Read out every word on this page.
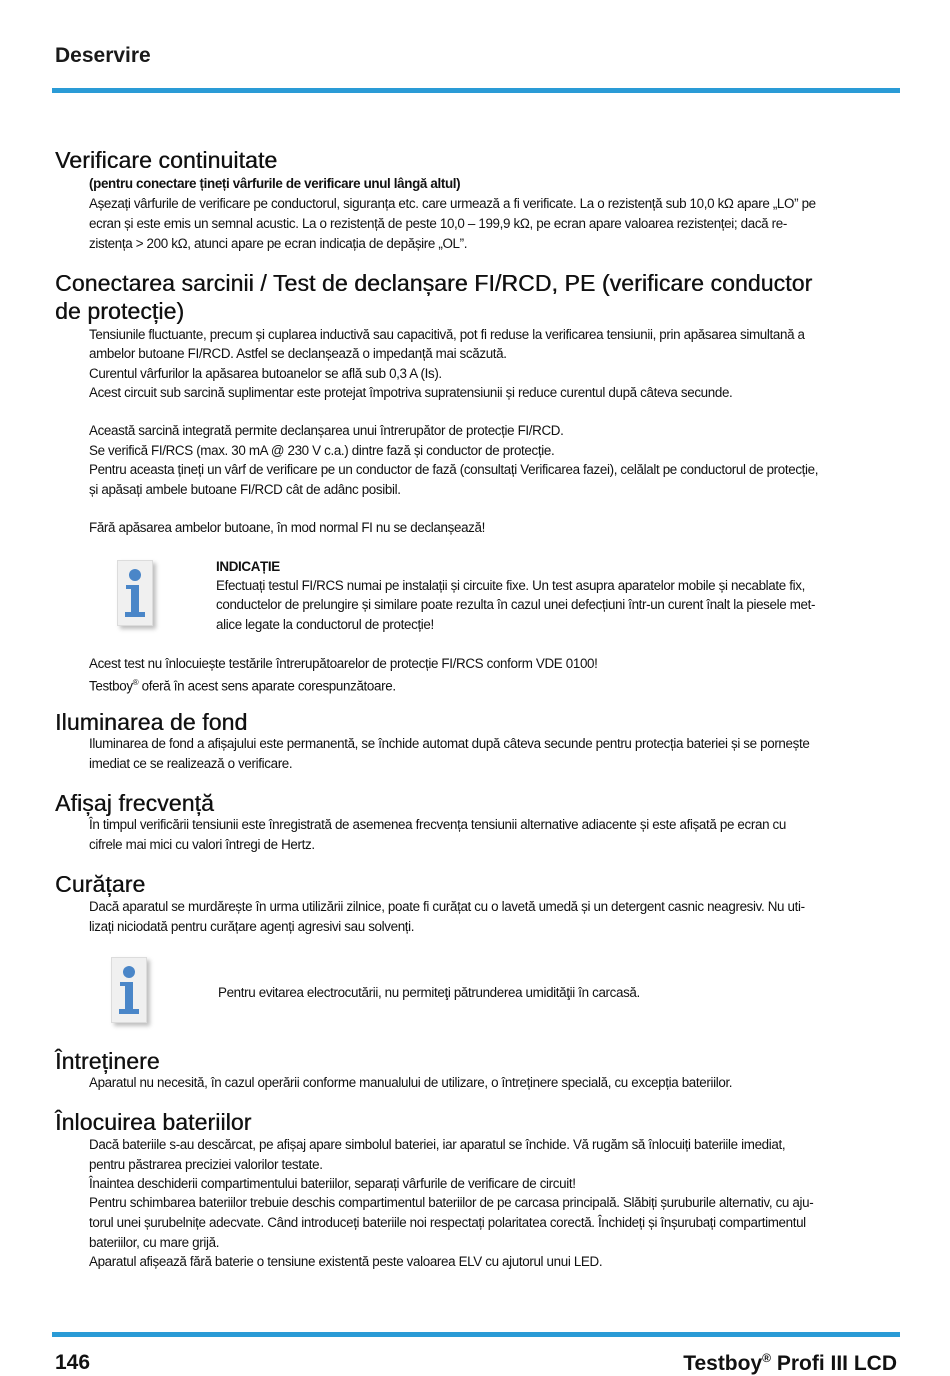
Deservire
Verificare continuitate

(pentru conectare țineți vârfurile de verificare unul lângă altul)

Așezați vârfurile de verificare pe conductorul, siguranța etc. care urmează a fi verificate. La o rezistență sub 10,0 kΩ apare „LO” pe

ecran și este emis un semnal acustic. La o rezistență de peste 10,0 – 199,9 kΩ, pe ecran apare valoarea rezistenței; dacă re-

zistența > 200 kΩ, atunci apare pe ecran indicația de depășire „OL”.

Conectarea sarcinii / Test de declanșare FI/RCD, PE (verificare conductor
de protecție)

Tensiunile fluctuante, precum și cuplarea inductivă sau capacitivă, pot fi reduse la verificarea tensiunii, prin apăsarea simultană a

ambelor butoane FI/RCD. Astfel se declanșează o impedanță mai scăzută.

Curentul vârfurilor la apăsarea butoanelor se află sub 0,3 A (Is).

Acest circuit sub sarcină suplimentar este protejat împotriva supratensiunii și reduce curentul după câteva secunde.

Această sarcină integrată permite declanșarea unui întrerupător de protecție FI/RCD.

Se verifică FI/RCS (max. 30 mA @ 230 V c.a.) dintre fază și conductor de protecție.

Pentru aceasta țineți un vârf de verificare pe un conductor de fază (consultați Verificarea fazei), celălalt pe conductorul de protecție,

și apăsați ambele butoane FI/RCD cât de adânc posibil.

Fără apăsarea ambelor butoane, în mod normal FI nu se declanșează!

INDICAȚIE

Efectuați testul FI/RCS numai pe instalații și circuite fixe. Un test asupra aparatelor mobile și necablate fix,

conductelor de prelungire și similare poate rezulta în cazul unei defecțiuni într-un curent înalt la piesele met-

alice legate la conductorul de protecție!

Acest test nu înlocuiește testările întrerupătoarelor de protecție FI/RCS conform VDE 0100!

Testboy® oferă în acest sens aparate corespunzătoare.

Iluminarea de fond

Iluminarea de fond a afișajului este permanentă, se închide automat după câteva secunde pentru protecția bateriei și se pornește

imediat ce se realizează o verificare.

Afișaj frecvență

În timpul verificării tensiunii este înregistrată de asemenea frecvența tensiunii alternative adiacente și este afișată pe ecran cu

cifrele mai mici cu valori întregi de Hertz.

Curățare

Dacă aparatul se murdărește în urma utilizării zilnice, poate fi curățat cu o lavetă umedă și un detergent casnic neagresiv. Nu uti-

lizați niciodată pentru curățare agenți agresivi sau solvenți.

Pentru evitarea electrocutării, nu permiteţi pătrunderea umidităţii în carcasă.

Întreținere

Aparatul nu necesită, în cazul operării conforme manualului de utilizare, o întreținere specială, cu excepția bateriilor.

Înlocuirea bateriilor

Dacă bateriile s-au descărcat, pe afișaj apare simbolul bateriei, iar aparatul se închide. Vă rugăm să înlocuiți bateriile imediat,

pentru păstrarea preciziei valorilor testate.

Înaintea deschiderii compartimentului bateriilor, separați vârfurile de verificare de circuit!

Pentru schimbarea bateriilor trebuie deschis compartimentul bateriilor de pe carcasa principală. Slăbiți șuruburile alternativ, cu aju-

torul unei șurubelnițe adecvate. Când introduceți bateriile noi respectați polaritatea corectă. Închideți și înșurubați compartimentul

bateriilor, cu mare grijă.

Aparatul afișează fără baterie o tensiune existentă peste valoarea ELV cu ajutorul unui LED.

146	Testboy® Profi III LCD
